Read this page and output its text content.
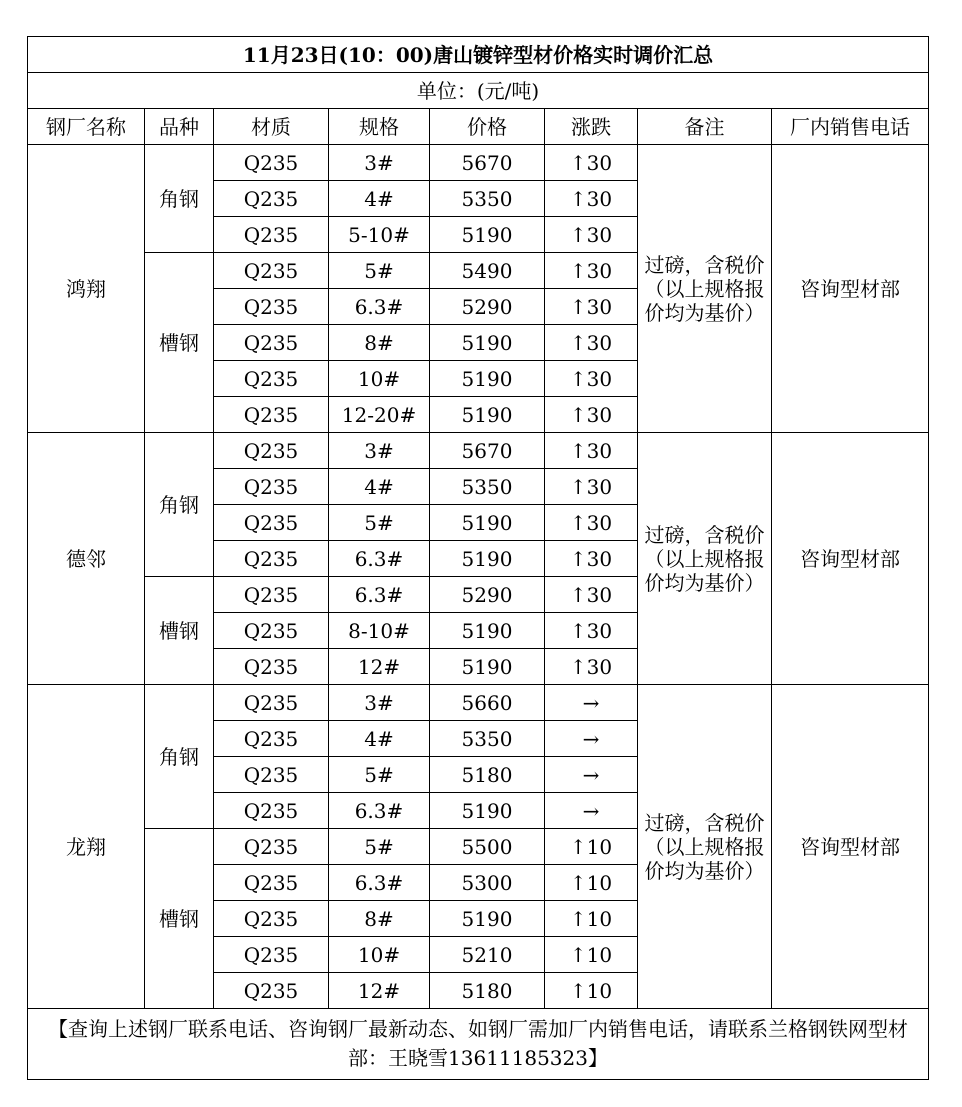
11月23日(10：00)唐山镀锌型材价格实时调价汇总							
单位：(元/吨)							
钢厂名称	品种	材质	规格	价格	涨跌	备注	厂内销售电话
鸿翔	角钢	Q235	3#	5670	↑30	过磅，含税价（以上规格报价均为基价）	咨询型材部
		Q235	4#	5350	↑30		
		Q235	5-10#	5190	↑30		
	槽钢	Q235	5#	5490	↑30		
		Q235	6.3#	5290	↑30		
		Q235	8#	5190	↑30		
		Q235	10#	5190	↑30		
		Q235	12-20#	5190	↑30		
德邻	角钢	Q235	3#	5670	↑30	过磅，含税价（以上规格报价均为基价）	咨询型材部
		Q235	4#	5350	↑30		
		Q235	5#	5190	↑30		
		Q235	6.3#	5190	↑30		
	槽钢	Q235	6.3#	5290	↑30		
		Q235	8-10#	5190	↑30		
		Q235	12#	5190	↑30		
龙翔	角钢	Q235	3#	5660	→	过磅，含税价（以上规格报价均为基价）	咨询型材部
		Q235	4#	5350	→		
		Q235	5#	5180	→		
		Q235	6.3#	5190	→		
	槽钢	Q235	5#	5500	↑10		
		Q235	6.3#	5300	↑10		
		Q235	8#	5190	↑10		
		Q235	10#	5210	↑10		
		Q235	12#	5180	↑10		
【查询上述钢厂联系电话、咨询钢厂最新动态、如钢厂需加厂内销售电话，请联系兰格钢铁网型材部：王晓雪13611185323】							
